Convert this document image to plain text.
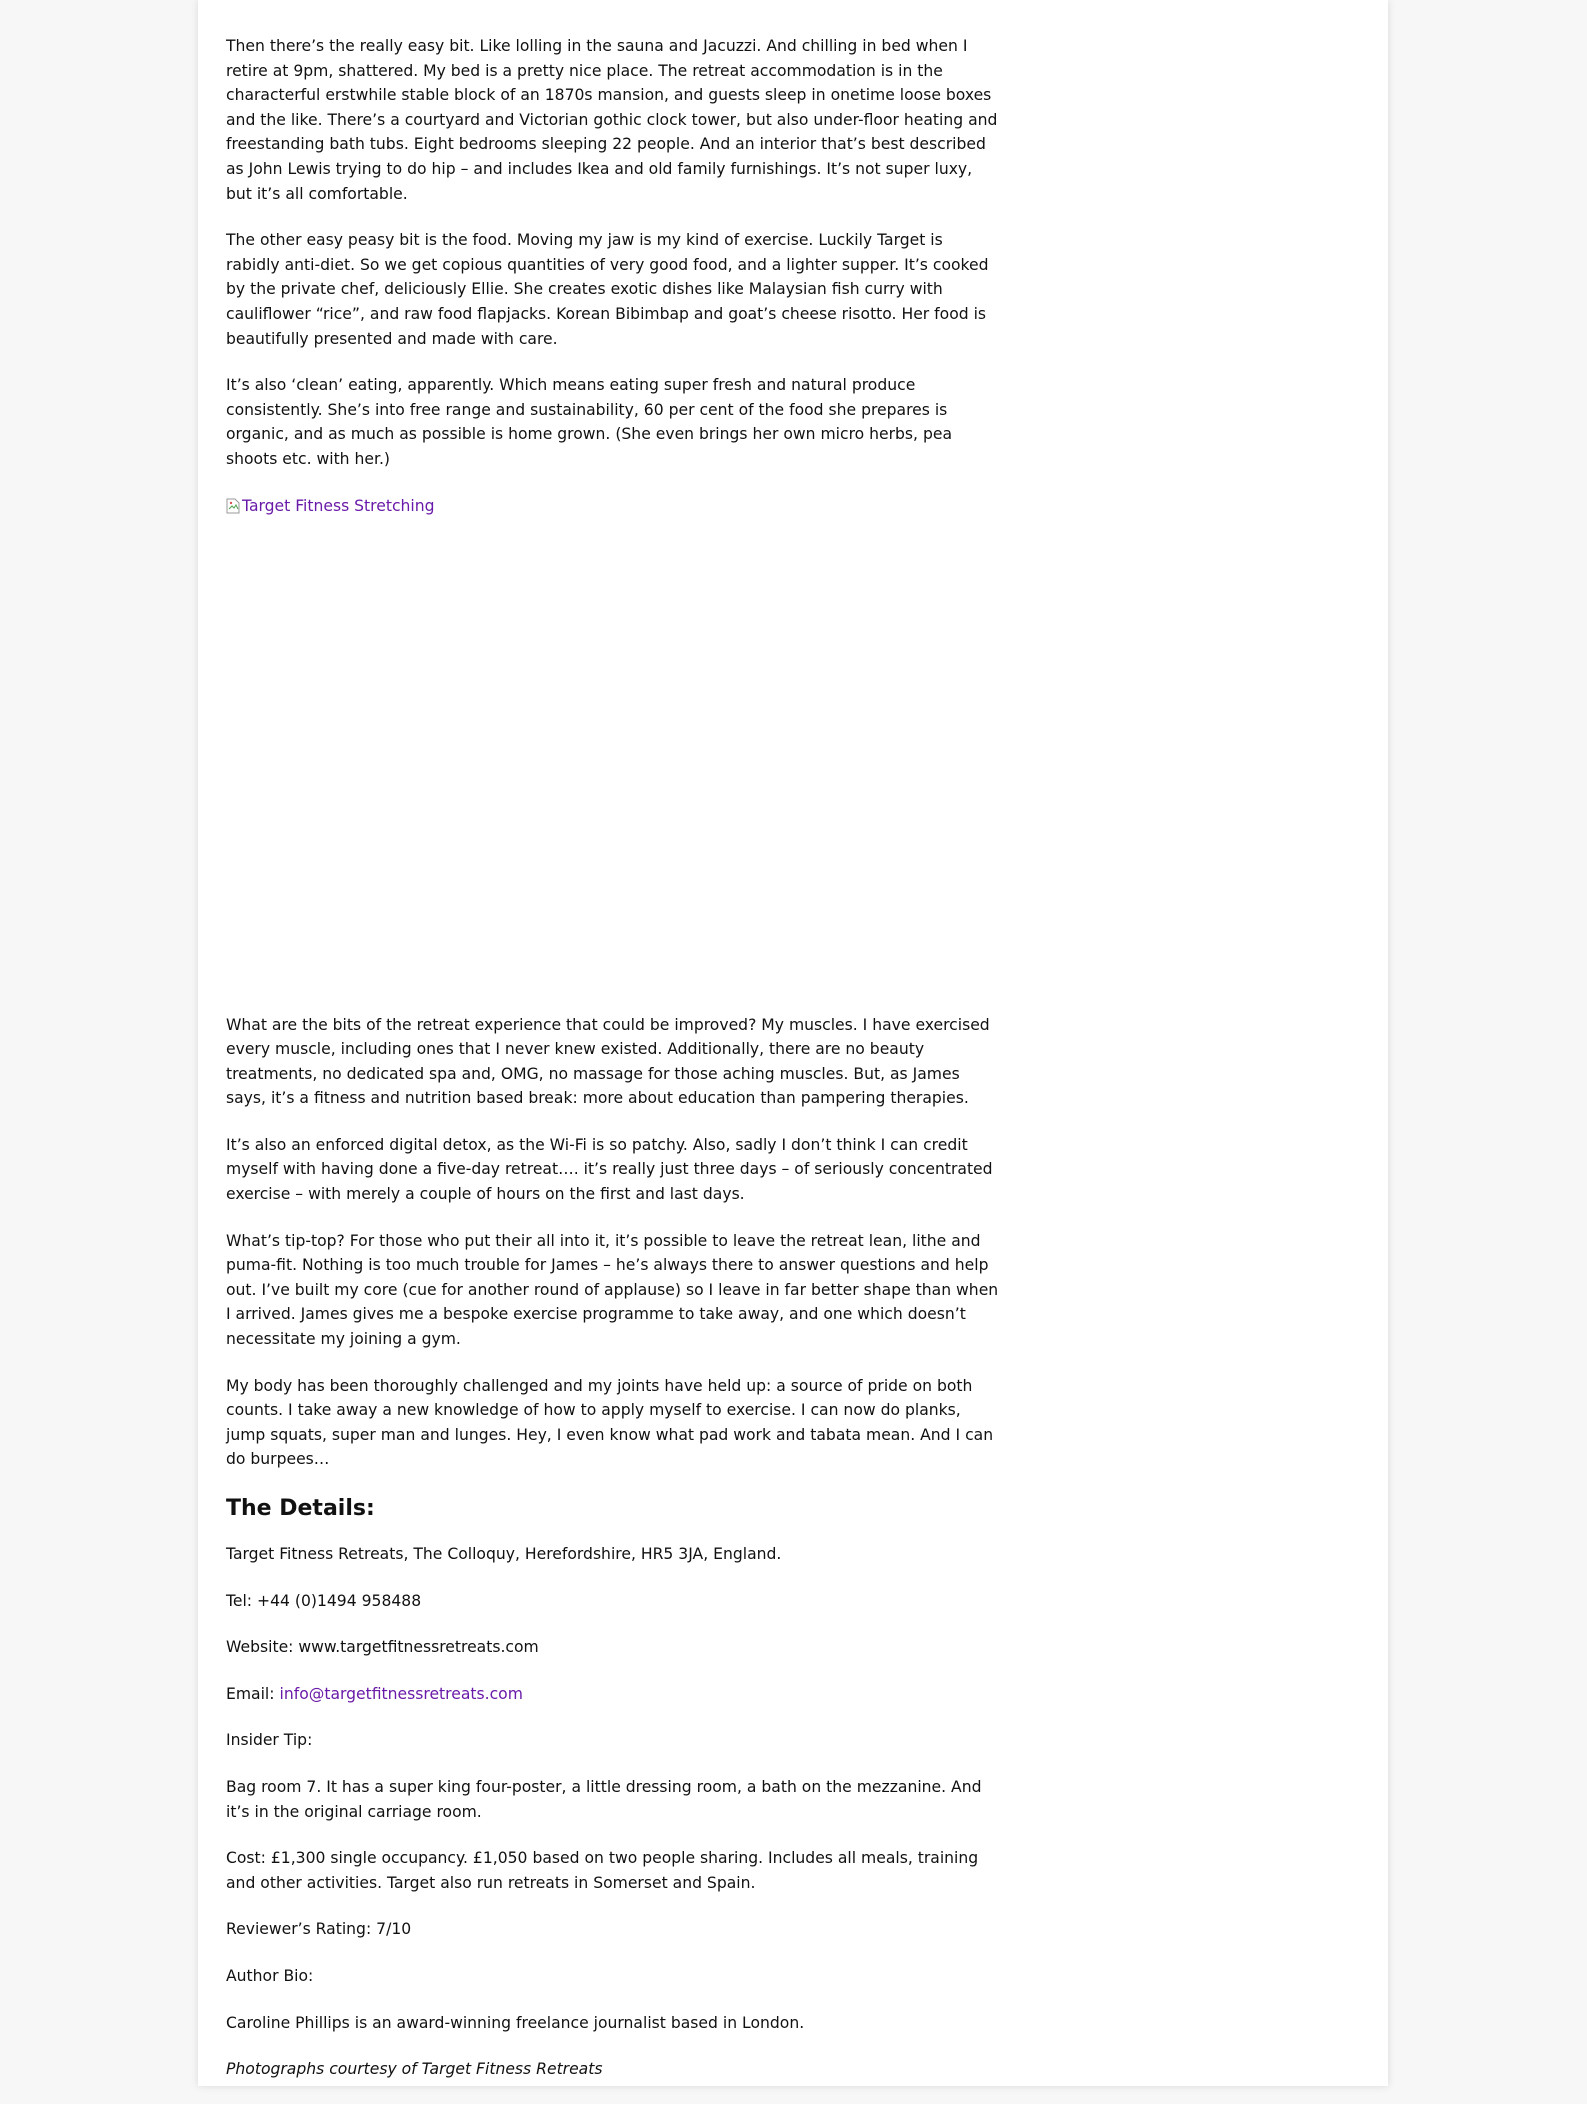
Then there’s the really easy bit. Like lolling in the sauna and Jacuzzi. And chilling in bed when I retire at 9pm, shattered. My bed is a pretty nice place. The retreat accommodation is in the characterful erstwhile stable block of an 1870s mansion, and guests sleep in onetime loose boxes and the like. There’s a courtyard and Victorian gothic clock tower, but also under-floor heating and freestanding bath tubs. Eight bedrooms sleeping 22 people. And an interior that’s best described as John Lewis trying to do hip – and includes Ikea and old family furnishings. It’s not super luxy, but it’s all comfortable.

The other easy peasy bit is the food. Moving my jaw is my kind of exercise. Luckily Target is rabidly anti-diet. So we get copious quantities of very good food, and a lighter supper. It’s cooked by the private chef, deliciously Ellie. She creates exotic dishes like Malaysian fish curry with cauliflower “rice”, and raw food flapjacks. Korean Bibimbap and goat’s cheese risotto. Her food is beautifully presented and made with care.

It’s also ‘clean’ eating, apparently. Which means eating super fresh and natural produce consistently. She’s into free range and sustainability, 60 per cent of the food she prepares is organic, and as much as possible is home grown. (She even brings her own micro herbs, pea shoots etc. with her.)

Target Fitness Stretching

What are the bits of the retreat experience that could be improved? My muscles. I have exercised every muscle, including ones that I never knew existed. Additionally, there are no beauty treatments, no dedicated spa and, OMG, no massage for those aching muscles. But, as James says, it’s a fitness and nutrition based break: more about education than pampering therapies.

It’s also an enforced digital detox, as the Wi-Fi is so patchy. Also, sadly I don’t think I can credit myself with having done a five-day retreat…. it’s really just three days – of seriously concentrated exercise – with merely a couple of hours on the first and last days.

What’s tip-top? For those who put their all into it, it’s possible to leave the retreat lean, lithe and puma-fit. Nothing is too much trouble for James – he’s always there to answer questions and help out. I’ve built my core (cue for another round of applause) so I leave in far better shape than when I arrived. James gives me a bespoke exercise programme to take away, and one which doesn’t necessitate my joining a gym.

My body has been thoroughly challenged and my joints have held up: a source of pride on both counts. I take away a new knowledge of how to apply myself to exercise. I can now do planks, jump squats, super man and lunges. Hey, I even know what pad work and tabata mean. And I can do burpees…

The Details:

Target Fitness Retreats, The Colloquy, Herefordshire, HR5 3JA, England.

Tel: +44 (0)1494 958488

Website: www.targetfitnessretreats.com

Email: info@targetfitnessretreats.com

Insider Tip:

Bag room 7. It has a super king four-poster, a little dressing room, a bath on the mezzanine. And it’s in the original carriage room.

Cost: £1,300 single occupancy. £1,050 based on two people sharing. Includes all meals, training and other activities. Target also run retreats in Somerset and Spain.

Reviewer’s Rating: 7/10

Author Bio:

Caroline Phillips is an award-winning freelance journalist based in London.

Photographs courtesy of Target Fitness Retreats
